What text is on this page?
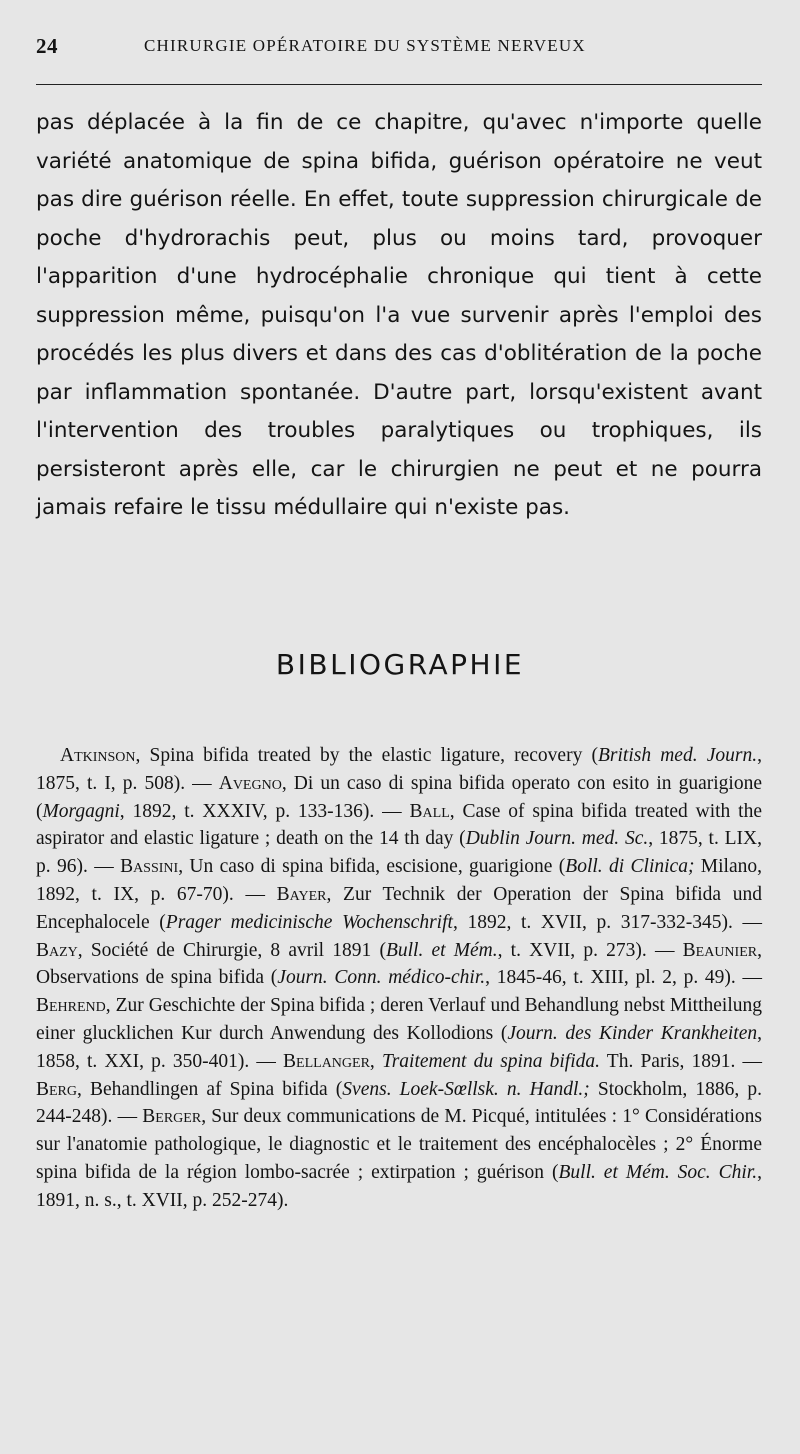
24	CHIRURGIE OPÉRATOIRE DU SYSTÈME NERVEUX

pas déplacée à la fin de ce chapitre, qu'avec n'importe quelle variété anatomique de spina bifida, guérison opératoire ne veut pas dire guérison réelle. En effet, toute suppression chirurgicale de poche d'hydrorachis peut, plus ou moins tard, provoquer l'apparition d'une hydrocéphalie chronique qui tient à cette suppression même, puisqu'on l'a vue survenir après l'emploi des procédés les plus divers et dans des cas d'oblitération de la poche par inflammation spontanée. D'autre part, lorsqu'existent avant l'intervention des troubles paralytiques ou trophiques, ils persisteront après elle, car le chirurgien ne peut et ne pourra jamais refaire le tissu médullaire qui n'existe pas.

BIBLIOGRAPHIE

Atkinson, Spina bifida treated by the elastic ligature, recovery (British med. Journ., 1875, t. I, p. 508). — Avegno, Di un caso di spina bifida operato con esito in guarigione (Morgagni, 1892, t. XXXIV, p. 133-136). — Ball, Case of spina bifida treated with the aspirator and elastic ligature ; death on the 14 th day (Dublin Journ. med. Sc., 1875, t. LIX, p. 96). — Bassini, Un caso di spina bifida, escisione, guarigione (Boll. di Clinica; Milano, 1892, t. IX, p. 67-70). — Bayer, Zur Technik der Operation der Spina bifida und Encephalocele (Prager medicinische Wochenschrift, 1892, t. XVII, p. 317-332-345). — Bazy, Société de Chirurgie, 8 avril 1891 (Bull. et Mém., t. XVII, p. 273). — Beaunier, Observations de spina bifida (Journ. Conn. médico-chir., 1845-46, t. XIII, pl. 2, p. 49). — Behrend, Zur Geschichte der Spina bifida ; deren Verlauf und Behandlung nebst Mittheilung einer glucklichen Kur durch Anwendung des Kollodions (Journ. des Kinder Krankheiten, 1858, t. XXI, p. 350-401). — Bellanger, Traitement du spina bifida. Th. Paris, 1891. — Berg, Behandlingen af Spina bifida (Svens. Loek-Sœllsk. n. Handl.; Stockholm, 1886, p. 244-248). — Berger, Sur deux communications de M. Picqué, intitulées : 1° Considérations sur l'anatomie pathologique, le diagnostic et le traitement des encéphalocèles ; 2° Énorme spina bifida de la région lombo-sacrée ; extirpation ; guérison (Bull. et Mém. Soc. Chir., 1891, n. s., t. XVII, p. 252-274).
